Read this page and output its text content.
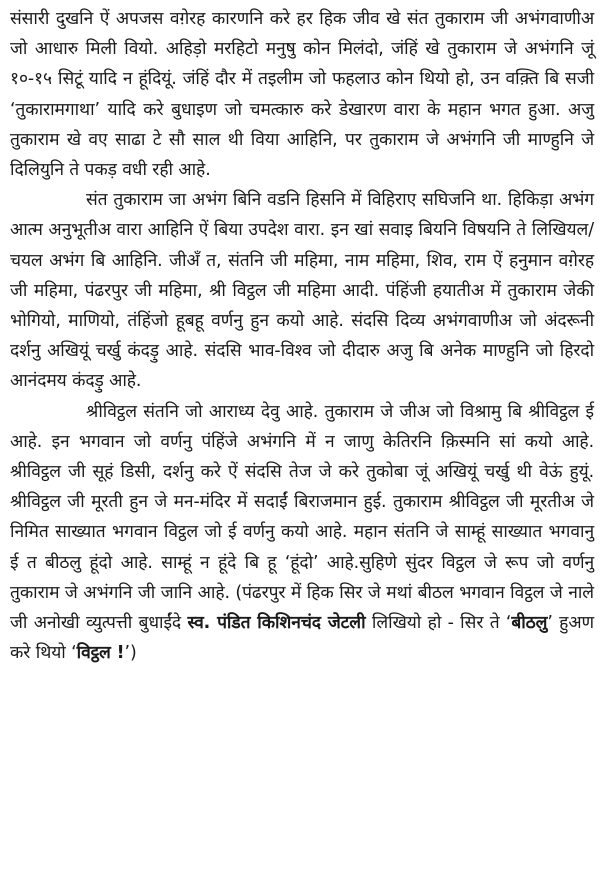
संसारी दुखनि ऐं अपजस वग़ेरह कारणनि करे हर हिक जीव खे संत तुकाराम जी अभंगवाणीअ जो आधारु मिली वियो. अहिड़ो मरहिटो मनुषु कोन मिलंदो, जंहिं खे तुकाराम जे अभंगनि जूं १०-१५ सिटूं यादि न हूंदियूं. जंहिं दौर में तइलीम जो फहलाउ कोन थियो हो, उन वक़्ति बि सजी ‘तुकारामगाथा’ यादि करे बुधाइण जो चमत्कारु करे डेखारण वारा के महान भगत हुआ. अजु तुकाराम खे वए साढा टे सौ साल थी विया आहिनि, पर तुकाराम जे अभंगनि जी माण्हुनि जे दिलियुनि ते पकड़ वधी रही आहे.

संत तुकाराम जा अभंग बिनि वडनि हिसनि में विहिराए सघिजनि था. हिकिड़ा अभंग आत्म अनुभूतीअ वारा आहिनि ऐं बिया उपदेश वारा. इन खां सवाइ बियनि विषयनि ते लिखियल/चयल अभंग बि आहिनि. जीअँ त, संतनि जी महिमा, नाम महिमा, शिव, राम ऐं हनुमान वग़ेरह जी महिमा, पंढरपुर जी महिमा, श्री विट्ठल जी महिमा आदी. पंहिंजी हयातीअ में तुकाराम जेकी भोगियो, माणियो, तंहिंजो हूबहू वर्णनु हुन कयो आहे. संदसि दिव्य अभंगवाणीअ जो अंदरूनी दर्शनु अखियूं चर्खु कंदड़ु आहे. संदसि भाव-विश्व जो दीदारु अजु बि अनेक माण्हुनि जो हिरदो आनंदमय कंदड़ु आहे.

श्रीविट्ठल संतनि जो आराध्य देवु आहे. तुकाराम जे जीअ जो विश्रामु बि श्रीविट्ठल ई आहे. इन भगवान जो वर्णनु पंहिंजे अभंगनि में न जाणु केतिरनि क़िस्मनि सां कयो आहे. श्रीविट्ठल जी सूहं डिसी, दर्शनु करे ऐं संदसि तेज जे करे तुकोबा जूं अखियूं चर्खु थी वेऊं हुयूं. श्रीविट्ठल जी मूरती हुन जे मन-मंदिर में सदाईं बिराजमान हुई. तुकाराम श्रीविट्ठल जी मूरतीअ जे निमित साख्यात भगवान विट्ठल जो ई वर्णनु कयो आहे. महान संतनि जे साम्हूं साख्यात भगवानु ई त बीठलु हूंदो आहे. साम्हूं न हूंदे बि हू ‘हूंदो’ आहे.सुहिणे सुंदर विट्ठल जे रूप जो वर्णनु तुकाराम जे अभंगनि जी जानि आहे. (पंढरपुर में हिक सिर जे मथां बीठल भगवान विट्ठल जे नाले जी अनोखी व्युत्पत्ती बुधाईंदे स्व. पंडित किशिनचंद जेटली लिखियो हो - सिर ते ‘बीठलु’ हुअण करे थियो ‘विट्ठल !’)
